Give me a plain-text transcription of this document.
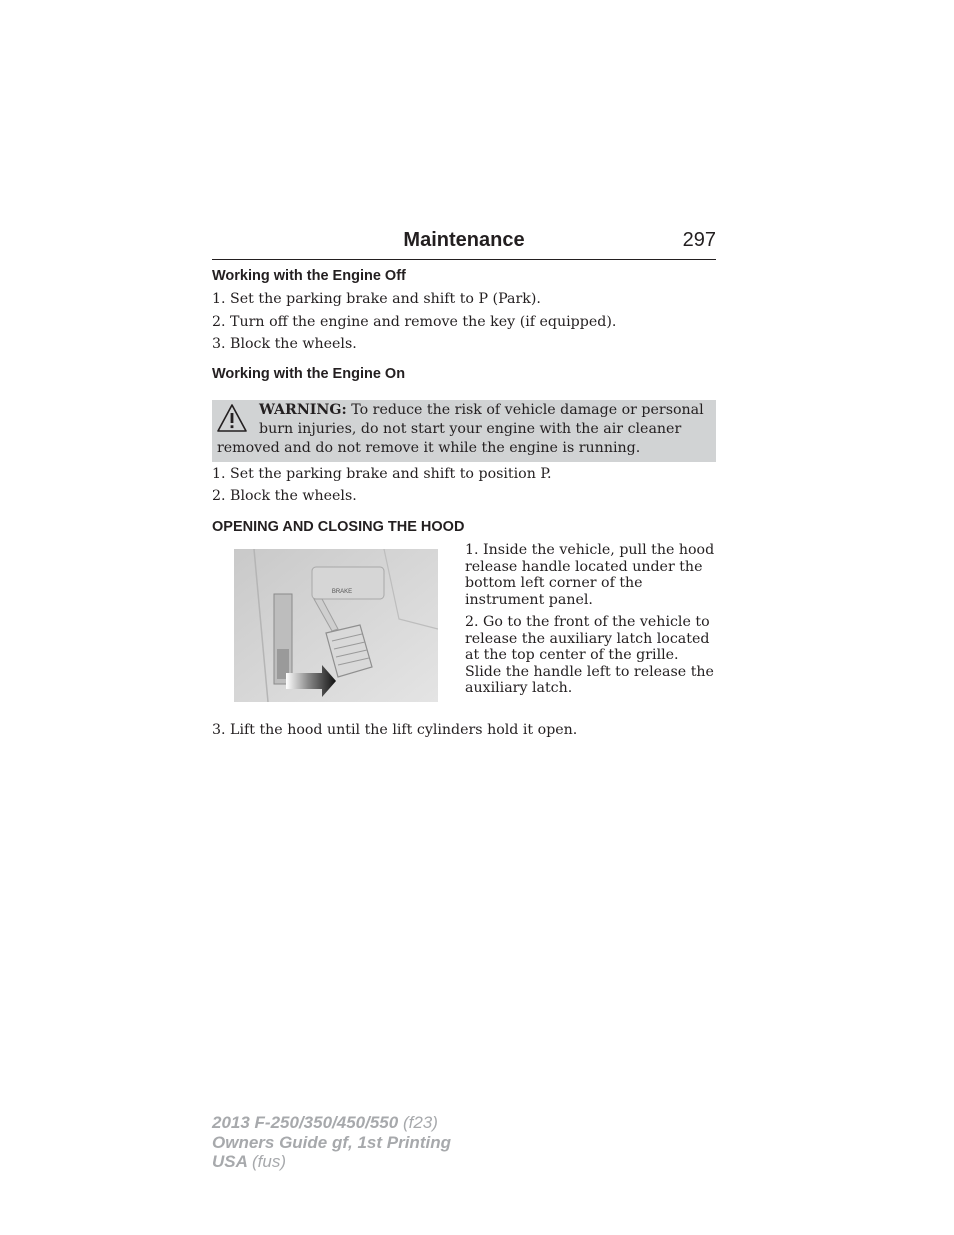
Maintenance	297
Working with the Engine Off
1. Set the parking brake and shift to P (Park).
2. Turn off the engine and remove the key (if equipped).
3. Block the wheels.
Working with the Engine On
WARNING: To reduce the risk of vehicle damage or personal
burn injuries, do not start your engine with the air cleaner
removed and do not remove it while the engine is running.
1. Set the parking brake and shift to position P.
2. Block the wheels.
OPENING AND CLOSING THE HOOD
BRAKE

1. Inside the vehicle, pull the hood release handle located under the bottom left corner of the instrument panel.

2. Go to the front of the vehicle to release the auxiliary latch located at the top center of the grille. Slide the handle left to release the auxiliary latch.

3. Lift the hood until the lift cylinders hold it open.
2013 F-250/350/450/550 (f23)
Owners Guide gf, 1st Printing
USA (fus)
